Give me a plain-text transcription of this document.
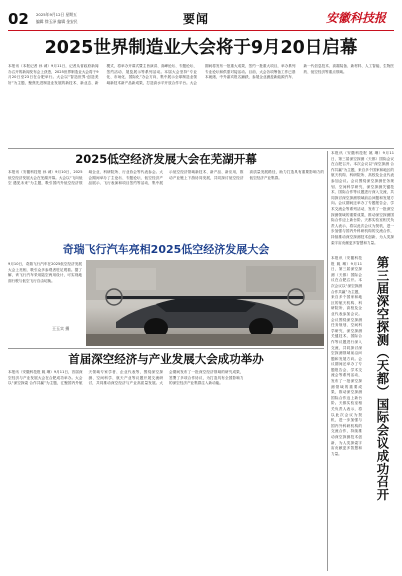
02 2025年9月12日 星期五
编辑 徐玉泽 编辑 金安民	要闻	安徽科技报
2025世界制造业大会将于9月20日启幕
本报讯（本报记者 孙 诚）9月11日，记者从省政府新闻办召开的新闻发布会上获悉，2025世界制造业大会将于9月20日至23日在合肥举行。大会以“智造世界·创造美好”为主题，聚焦先进制造业发展的新技术、新业态、新模式，将举办开幕式暨主旨演讲、高峰论坛、专题论坛、签约活动、展览展示等系列活动。本届大会坚持“专业化、市场化、国际化”办会方向，集中展示全球制造业领域新技术新产品新成果，打造高水平开放合作平台。大会期间将发布一批重大成果，签约一批重大项目，举办系列专业论坛和供需对接活动。目前，大会各项筹备工作已基本就绪，中外嘉宾报名踊跃，参展企业涵盖新能源汽车、新一代信息技术、高端装备、新材料、人工智能、生物医药、低空经济等重点领域。
2025低空经济发展大会在芜湖开幕
本报讯（安徽科技报 孙 诚）9月10日，2025低空经济发展大会在芜湖开幕。大会以“飞向低空 遇见未来”为主题，吸引国内外低空经济领域企业、科研院所、行业协会等代表参会。大会期间举办了主论坛、专题论坛、低空经济产品展示、飞行表演和项目签约等活动，集中展示低空经济领域新技术、新产品、新应用，推动产业链上下游协同发展，共同探讨低空经济高质量发展路径，助力打造具有重要影响力的低空经济产业集群。
奇瑞飞行汽车亮相2025低空经济发展大会
9月10日，奇瑞飞行汽车在2025低空经济发展大会上亮相，吸引众多参观者驻足观看。据了解，该飞行汽车采用陆空两用设计，可实现地面行驶与低空飞行自由切换。
王玉实 摄
首届深空经济与产业发展大会成功举办
本报讯（安徽科技报 姚 琳）9月11日，首届深空经济与产业发展大会在合肥成功举办。大会以“深空探索 合作共赢”为主题，汇聚国内外航天领域专家学者、企业代表等，围绕深空探测、空间科学、航天产业等议题开展交流研讨，共同推动深空经济与产业高质量发展。大会期间发布了一批深空经济领域的研究成果，签署了多项合作协议，为打造具有全国影响力的深空经济产业集群注入新动能。
本报讯（安徽科技报 姚 琳）9月11日，第三届深空探测（天都）国际会议在合肥召开。本次会议以“深空探测 合作共赢”为主题，来自多个国家和地区的航天机构、科研院所、高校及企业代表参加会议。会议围绕深空探测任务规划、空间科学研究、深空探测关键技术、国际合作等议题进行深入交流，共同探讨深空探测领域前沿问题和发展方向。会议期间还举办了专题报告会、学术交流会等系列活动，发布了一批深空探测领域的重要成果，推动深空探测国际合作迈上新台阶。天都实验室相关负责人表示，将以此次会议为契机，进一步加强与国内外科研机构的交流合作，持续推动深空探测技术创新，为人类探索宇宙贡献更多智慧和力量。
第三届深空探测（天都）国际会议成功召开
本报讯（安徽科技报 姚 琳）9月11日，第三届深空探测（天都）国际会议在合肥召开。本次会议以“深空探测 合作共赢”为主题，来自多个国家和地区的航天机构、科研院所、高校及企业代表参加会议。会议围绕深空探测任务规划、空间科学研究、深空探测关键技术、国际合作等议题进行深入交流，共同探讨深空探测领域前沿问题和发展方向。会议期间还举办了专题报告会、学术交流会等系列活动，发布了一批深空探测领域的重要成果，推动深空探测国际合作迈上新台阶。天都实验室相关负责人表示，将以此次会议为契机，进一步加强与国内外科研机构的交流合作，持续推动深空探测技术创新，为人类探索宇宙贡献更多智慧和力量。
